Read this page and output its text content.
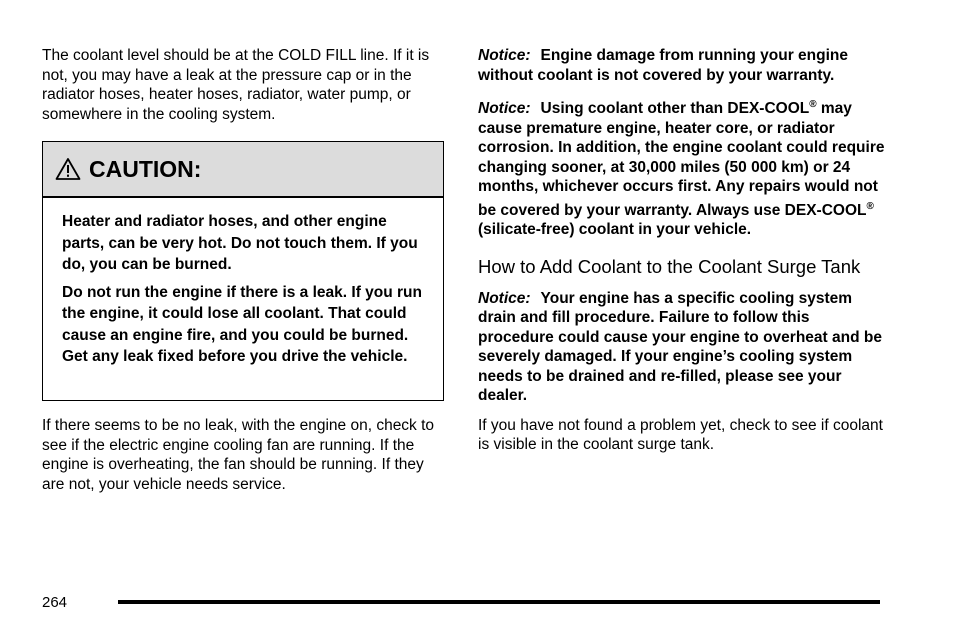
The coolant level should be at the COLD FILL line. If it is not, you may have a leak at the pressure cap or in the radiator hoses, heater hoses, radiator, water pump, or somewhere in the cooling system.

CAUTION:

Heater and radiator hoses, and other engine parts, can be very hot. Do not touch them. If you do, you can be burned.

Do not run the engine if there is a leak. If you run the engine, it could lose all coolant. That could cause an engine fire, and you could be burned. Get any leak fixed before you drive the vehicle.

If there seems to be no leak, with the engine on, check to see if the electric engine cooling fan are running. If the engine is overheating, the fan should be running. If they are not, your vehicle needs service.

Notice: Engine damage from running your engine without coolant is not covered by your warranty.

Notice: Using coolant other than DEX-COOL® may cause premature engine, heater core, or radiator corrosion. In addition, the engine coolant could require changing sooner, at 30,000 miles (50 000 km) or 24 months, whichever occurs first. Any repairs would not be covered by your warranty. Always use DEX-COOL® (silicate-free) coolant in your vehicle.

How to Add Coolant to the Coolant Surge Tank

Notice: Your engine has a specific cooling system drain and fill procedure. Failure to follow this procedure could cause your engine to overheat and be severely damaged. If your engine’s cooling system needs to be drained and re-filled, please see your dealer.

If you have not found a problem yet, check to see if coolant is visible in the coolant surge tank.

264
